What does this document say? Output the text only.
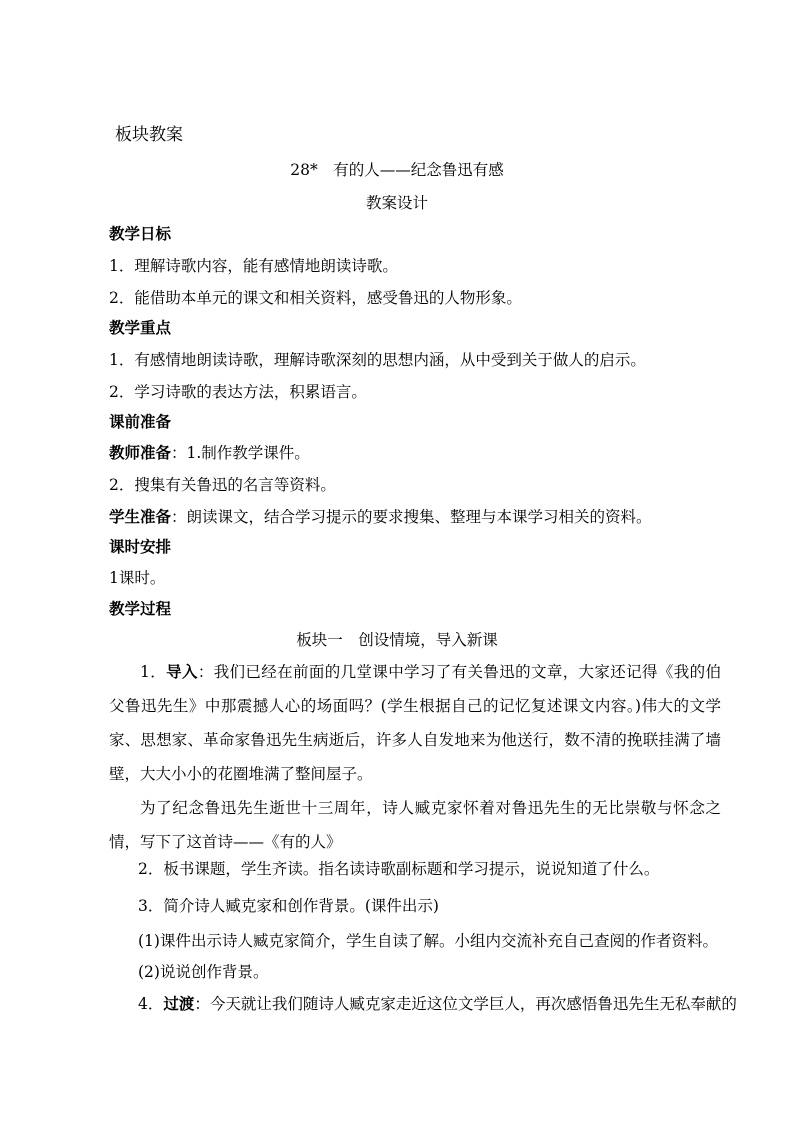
板块教案
28*　有的人——纪念鲁迅有感
教案设计
教学日标
1．理解诗歌内容，能有感情地朗读诗歌。
2．能借助本单元的课文和相关资料，感受鲁迅的人物形象。
教学重点
1．有感情地朗读诗歌，理解诗歌深刻的思想内涵，从中受到关于做人的启示。
2．学习诗歌的表达方法，积累语言。
课前准备
教师准备：1.制作教学课件。
2．搜集有关鲁迅的名言等资料。
学生准备：朗读课文，结合学习提示的要求搜集、整理与本课学习相关的资料。
课时安排
1课时。
教学过程
板块一　创设情境，导入新课
1．导入：我们已经在前面的几堂课中学习了有关鲁迅的文章，大家还记得《我的伯父鲁迅先生》中那震撼人心的场面吗？(学生根据自己的记忆复述课文内容。)伟大的文学家、思想家、革命家鲁迅先生病逝后，许多人自发地来为他送行，数不清的挽联挂满了墙壁，大大小小的花圈堆满了整间屋子。
为了纪念鲁迅先生逝世十三周年，诗人臧克家怀着对鲁迅先生的无比崇敬与怀念之情，写下了这首诗——《有的人》
2．板书课题，学生齐读。指名读诗歌副标题和学习提示，说说知道了什么。
3．简介诗人臧克家和创作背景。(课件出示)
(1)课件出示诗人臧克家简介，学生自读了解。小组内交流补充自己查阅的作者资料。
(2)说说创作背景。
4．过渡：今天就让我们随诗人臧克家走近这位文学巨人，再次感悟鲁迅先生无私奉献的
